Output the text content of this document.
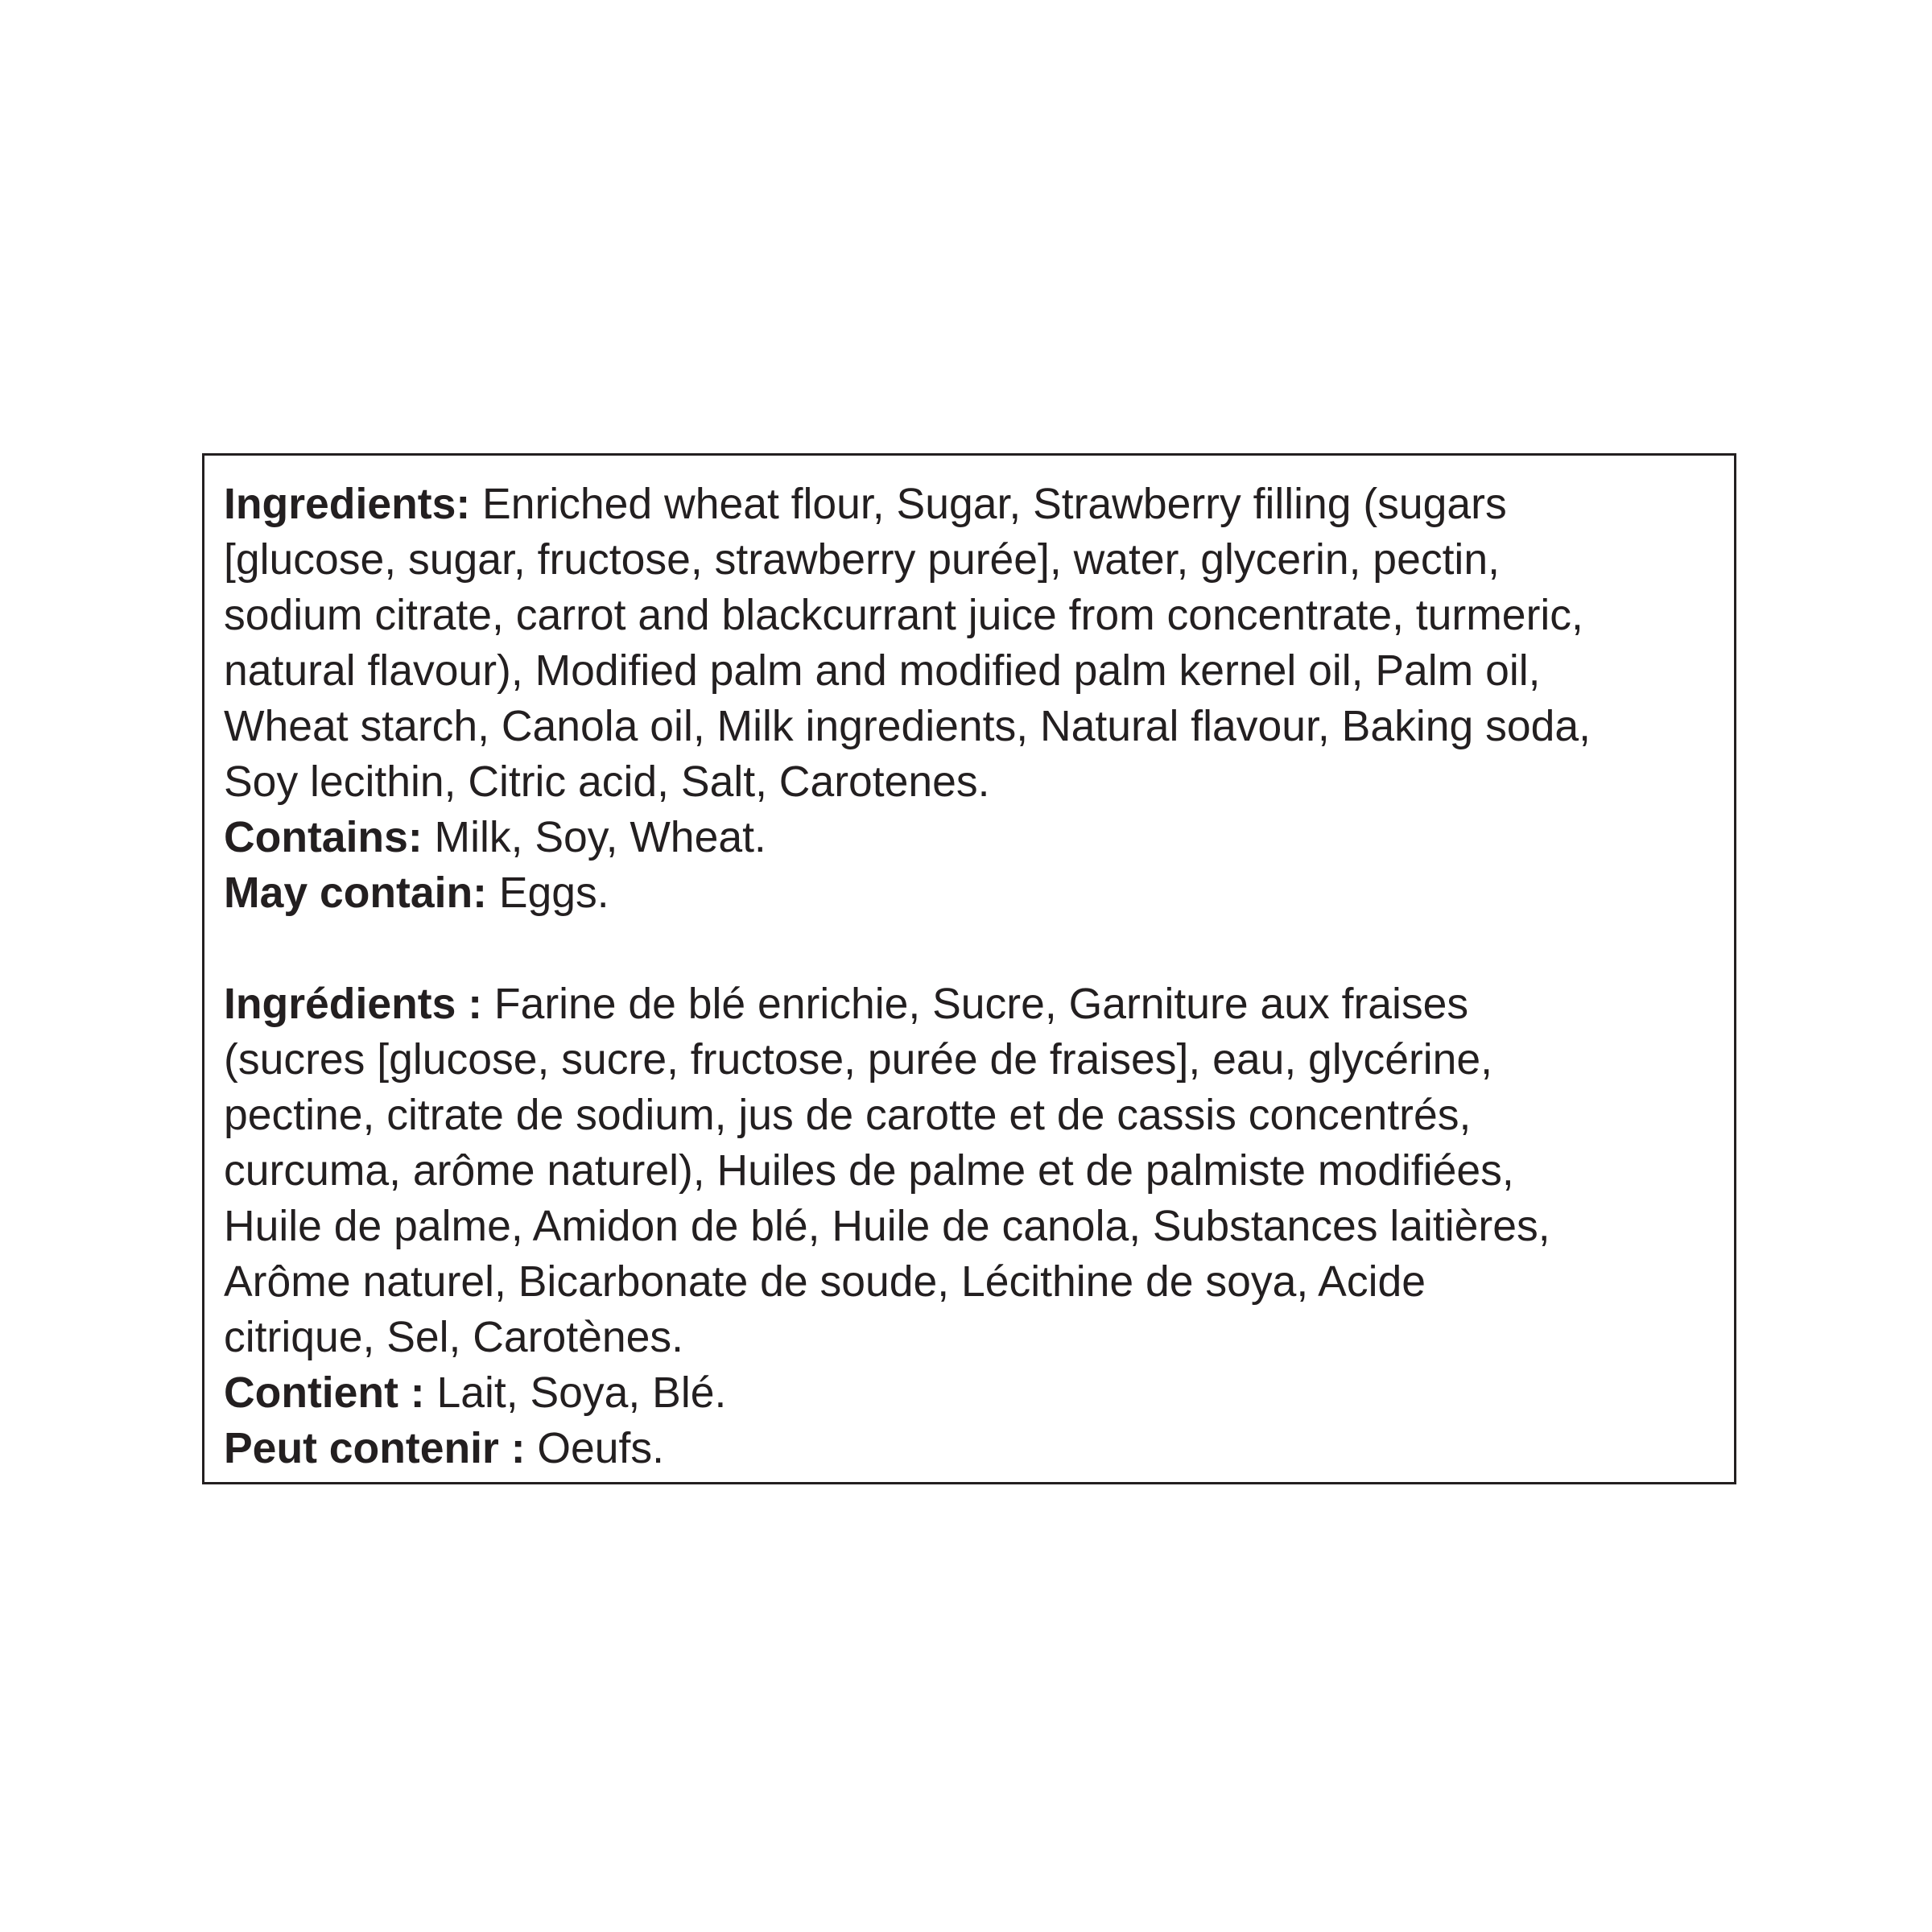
Ingredients: Enriched wheat flour, Sugar, Strawberry filling (sugars
[glucose, sugar, fructose, strawberry purée], water, glycerin, pectin,
sodium citrate, carrot and blackcurrant juice from concentrate, turmeric,
natural flavour), Modified palm and modified palm kernel oil, Palm oil,
Wheat starch, Canola oil, Milk ingredients, Natural flavour, Baking soda,
Soy lecithin, Citric acid, Salt, Carotenes.

Contains: Milk, Soy, Wheat.

May contain: Eggs.

Ingrédients : Farine de blé enrichie, Sucre, Garniture aux fraises
(sucres [glucose, sucre, fructose, purée de fraises], eau, glycérine,
pectine, citrate de sodium, jus de carotte et de cassis concentrés,
curcuma, arôme naturel), Huiles de palme et de palmiste modifiées,
Huile de palme, Amidon de blé, Huile de canola, Substances laitières,
Arôme naturel, Bicarbonate de soude, Lécithine de soya, Acide
citrique, Sel, Carotènes.

Contient : Lait, Soya, Blé.

Peut contenir : Oeufs.
